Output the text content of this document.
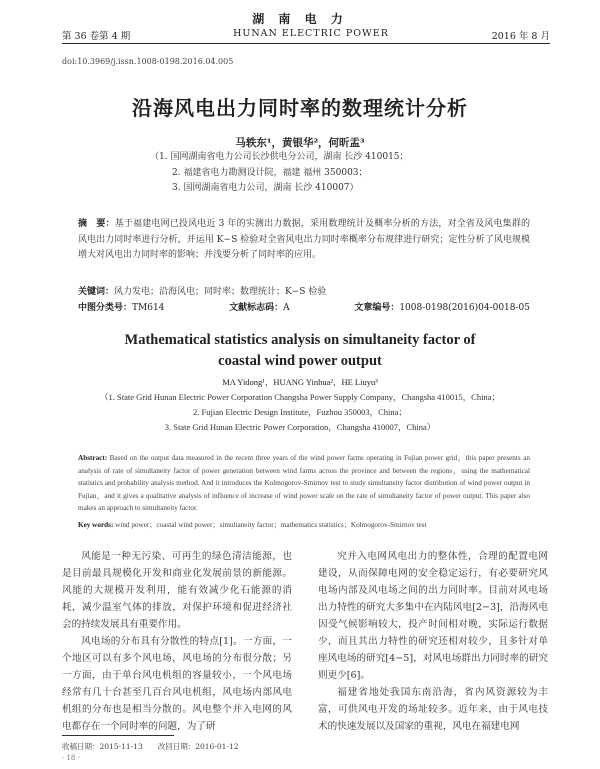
湖 南 电 力
第 36 卷第 4 期	HUNAN ELECTRIC POWER	2016 年 8 月
doi:10.3969/j.issn.1008-0198.2016.04.005
沿海风电出力同时率的数理统计分析
马轶东¹，黄银华²，何昕盂³
（1. 国网湖南省电力公司长沙供电分公司，湖南 长沙 410015；
2. 福建省电力勘测设计院，福建 福州 350003；
3. 国网湖南省电力公司，湖南 长沙 410007）
摘　要：基于福建电网已投风电近 3 年的实测出力数据，采用数理统计及概率分析的方法，对全省及风电集群的风电出力同时率进行分析，并运用 K−S 检验对全省风电出力同时率概率分布规律进行研究；定性分析了风电规模增大对风电出力同时率的影响；并浅要分析了同时率的应用。
关键词：风力发电；沿海风电；同时率；数理统计；K−S 检验
中图分类号：TM614	文献标志码：A	文章编号：1008-0198(2016)04-0018-05
Mathematical statistics analysis on simultaneity factor of
coastal wind power output
MA Yidong¹，HUANG Yinhua²，HE Liuyu³
（1. State Grid Hunan Electric Power Corporation Changsha Power Supply Company，Changsha 410015，China；
2. Fujian Electric Design Institute，Fuzhou 350003，China；
3. State Grid Hunan Electric Power Corporation，Changsha 410007，China）
Abstract: Based on the output data measured in the recent three years of the wind power farms operating in Fujian power grid，this paper presents an analysis of rate of simultaneity factor of power generation between wind farms across the province and between the regions，using the mathematical statistics and probability analysis method. And it introduces the Kolmogorov-Smirnov test to study simultaneity factor distribution of wind power output in Fujian，and it gives a qualitative analysis of influence of increase of wind power scale on the rate of simultaneity factor of power output. This paper also makes an approach to simultaneity factor.
Key words: wind power；coastal wind power；simultaneity factor；mathematics statistics；Kolmogorov-Smirnov test

风能是一种无污染、可再生的绿色清洁能源，也是目前最具规模化开发和商业化发展前景的新能源。风能的大规模开发利用，能有效减少化石能源的消耗，减少温室气体的排放，对保护环境和促进经济社会的持续发展具有重要作用。

风电场的分布具有分散性的特点[1]。一方面，一个地区可以有多个风电场，风电场的分布很分散；另一方面，由于单台风电机组的容量较小，一个风电场经常有几十台甚至几百台风电机组，风电场内部风电机组的分布也是相当分散的。风电整个并入电网的风电都存在一个同时率的问题，为了研

究并入电网风电出力的整体性，合理的配置电网建设，从而保障电网的安全稳定运行，有必要研究风电场内部及风电场之间的出力同时率。目前对风电场出力特性的研究大多集中在内陆风电[2−3]，沿海风电因受气候影响较大，投产时间相对晚，实际运行数据少，而且其出力特性的研究还相对较少，且多针对单座风电场的研究[4−5]，对风电场群出力同时率的研究则更少[6]。

福建省地处我国东南沿海，省内风资源较为丰富，可供风电开发的场址较多。近年来，由于风电技术的快速发展以及国家的重视，风电在福建电网

收稿日期：2015-11-13　　改回日期：2016-01-12
· 18 ·
